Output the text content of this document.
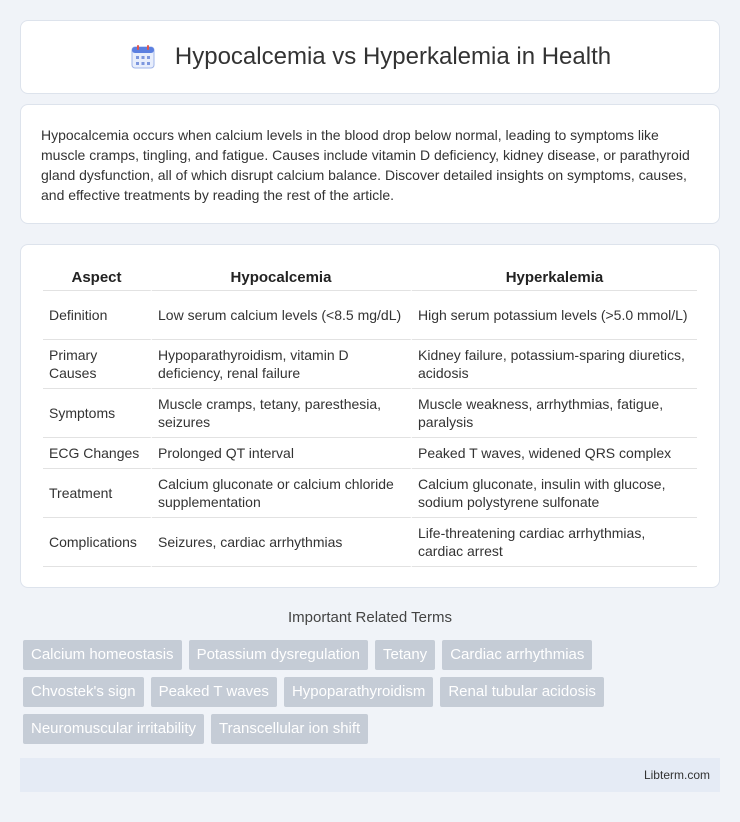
Hypocalcemia vs Hyperkalemia in Health

Hypocalcemia occurs when calcium levels in the blood drop below normal, leading to symptoms like muscle cramps, tingling, and fatigue. Causes include vitamin D deficiency, kidney disease, or parathyroid gland dysfunction, all of which disrupt calcium balance. Discover detailed insights on symptoms, causes, and effective treatments by reading the rest of the article.

Aspect	Hypocalcemia	Hyperkalemia
Definition	Low serum calcium levels (<8.5 mg/dL)	High serum potassium levels (>5.0 mmol/L)
Primary Causes	Hypoparathyroidism, vitamin D deficiency, renal failure	Kidney failure, potassium-sparing diuretics, acidosis
Symptoms	Muscle cramps, tetany, paresthesia, seizures	Muscle weakness, arrhythmias, fatigue, paralysis
ECG Changes	Prolonged QT interval	Peaked T waves, widened QRS complex
Treatment	Calcium gluconate or calcium chloride supplementation	Calcium gluconate, insulin with glucose, sodium polystyrene sulfonate
Complications	Seizures, cardiac arrhythmias	Life-threatening cardiac arrhythmias, cardiac arrest
Important Related Terms
Calcium homeostasis	Potassium dysregulation	Tetany	Cardiac arrhythmias
Chvostek's sign	Peaked T waves	Hypoparathyroidism	Renal tubular acidosis
Neuromuscular irritability	Transcellular ion shift
Libterm.com
